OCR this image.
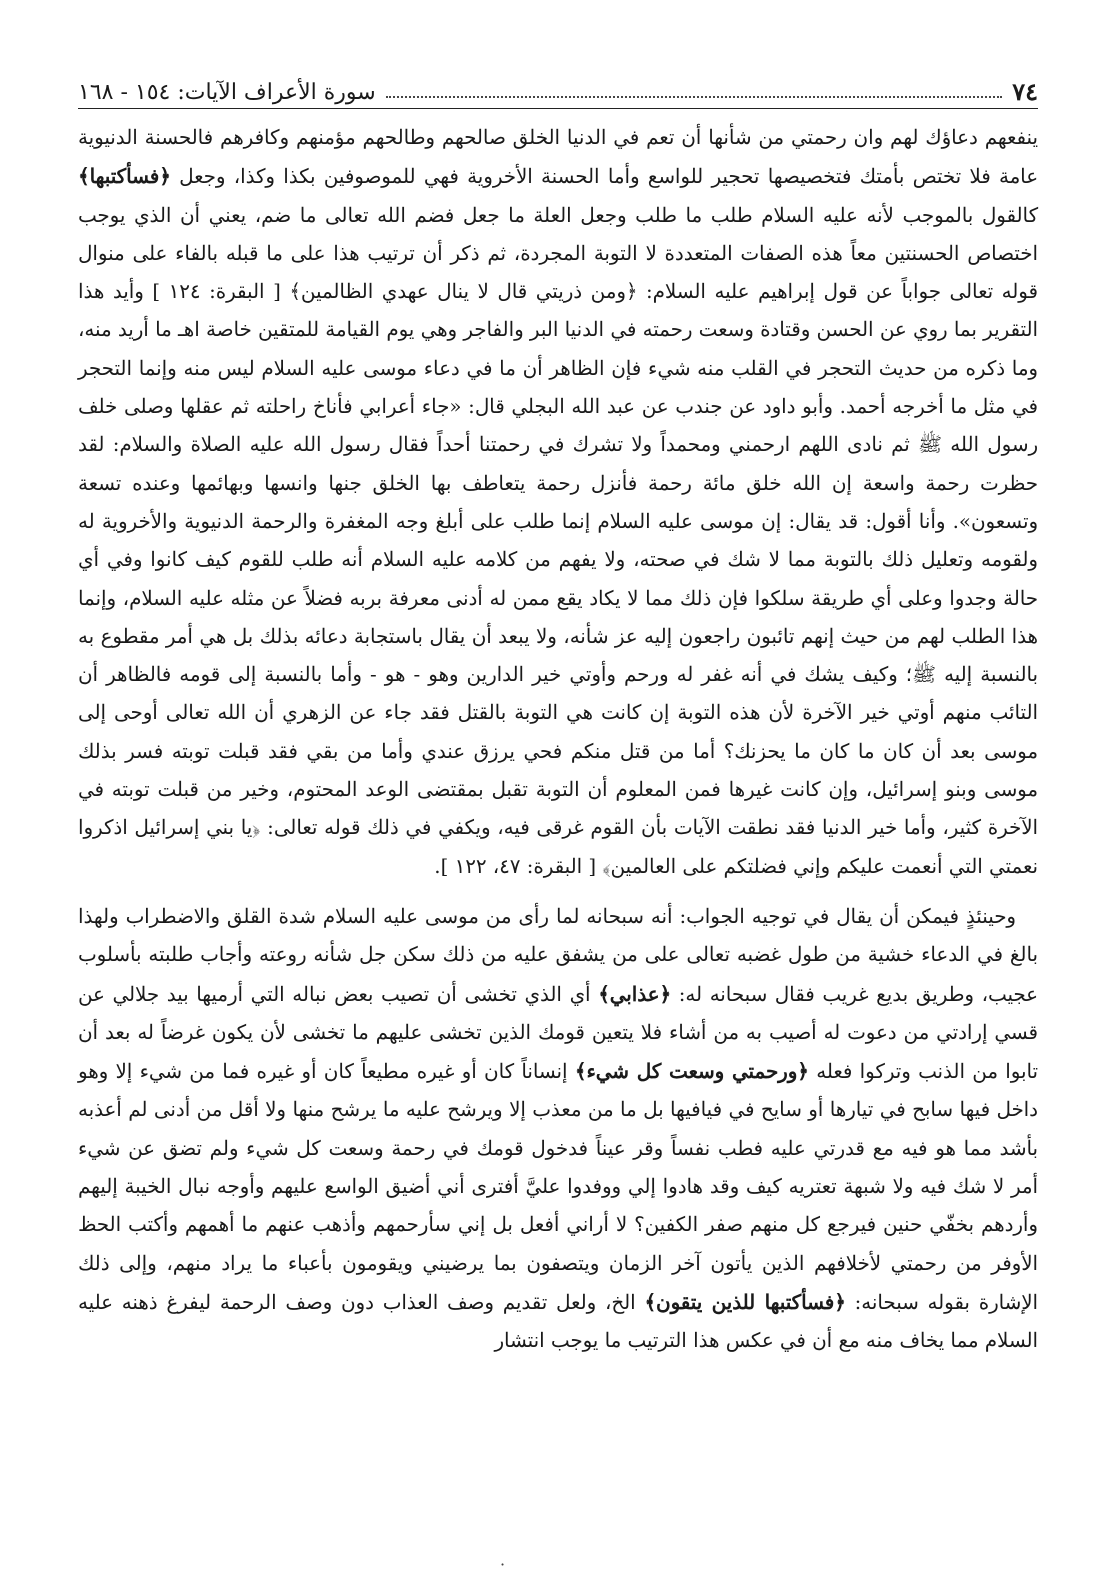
٧٤
سورة الأعراف الآيات: ١٥٤ - ١٦٨

ينفعهم دعاؤك لهم وان رحمتي من شأنها أن تعم في الدنيا الخلق صالحهم وطالحهم مؤمنهم وكافرهم فالحسنة الدنيوية عامة فلا تختص بأمتك فتخصيصها تحجير للواسع وأما الحسنة الأخروية فهي للموصوفين بكذا وكذا، وجعل ﴿فسأكتبها﴾ كالقول بالموجب لأنه عليه السلام طلب ما طلب وجعل العلة ما جعل فضم الله تعالى ما ضم، يعني أن الذي يوجب اختصاص الحسنتين معاً هذه الصفات المتعددة لا التوبة المجردة، ثم ذكر أن ترتيب هذا على ما قبله بالفاء على منوال قوله تعالى جواباً عن قول إبراهيم عليه السلام: ﴿ومن ذريتي قال لا ينال عهدي الظالمين﴾ [ البقرة: ١٢٤ ] وأيد هذا التقرير بما روي عن الحسن وقتادة وسعت رحمته في الدنيا البر والفاجر وهي يوم القيامة للمتقين خاصة اهـ ما أريد منه، وما ذكره من حديث التحجر في القلب منه شيء فإن الظاهر أن ما في دعاء موسى عليه السلام ليس منه وإنما التحجر في مثل ما أخرجه أحمد. وأبو داود عن جندب عن عبد الله البجلي قال: «جاء أعرابي فأناخ راحلته ثم عقلها وصلى خلف رسول الله ﷺ ثم نادى اللهم ارحمني ومحمداً ولا تشرك في رحمتنا أحداً فقال رسول الله عليه الصلاة والسلام: لقد حظرت رحمة واسعة إن الله خلق مائة رحمة فأنزل رحمة يتعاطف بها الخلق جنها وانسها وبهائمها وعنده تسعة وتسعون». وأنا أقول: قد يقال: إن موسى عليه السلام إنما طلب على أبلغ وجه المغفرة والرحمة الدنيوية والأخروية له ولقومه وتعليل ذلك بالتوبة مما لا شك في صحته، ولا يفهم من كلامه عليه السلام أنه طلب للقوم كيف كانوا وفي أي حالة وجدوا وعلى أي طريقة سلكوا فإن ذلك مما لا يكاد يقع ممن له أدنى معرفة بربه فضلاً عن مثله عليه السلام، وإنما هذا الطلب لهم من حيث إنهم تائبون راجعون إليه عز شأنه، ولا يبعد أن يقال باستجابة دعائه بذلك بل هي أمر مقطوع به بالنسبة إليه ﷺ؛ وكيف يشك في أنه غفر له ورحم وأوتي خير الدارين وهو - هو - وأما بالنسبة إلى قومه فالظاهر أن التائب منهم أوتي خير الآخرة لأن هذه التوبة إن كانت هي التوبة بالقتل فقد جاء عن الزهري أن الله تعالى أوحى إلى موسى بعد أن كان ما كان ما يحزنك؟ أما من قتل منكم فحي يرزق عندي وأما من بقي فقد قبلت توبته فسر بذلك موسى وبنو إسرائيل، وإن كانت غيرها فمن المعلوم أن التوبة تقبل بمقتضى الوعد المحتوم، وخير من قبلت توبته في الآخرة كثير، وأما خير الدنيا فقد نطقت الآيات بأن القوم غرقى فيه، ويكفي في ذلك قوله تعالى: ﴿يا بني إسرائيل اذكروا نعمتي التي أنعمت عليكم وإني فضلتكم على العالمين﴾ [ البقرة: ٤٧، ١٢٢ ].

وحينئذٍ فيمكن أن يقال في توجيه الجواب: أنه سبحانه لما رأى من موسى عليه السلام شدة القلق والاضطراب ولهذا بالغ في الدعاء خشية من طول غضبه تعالى على من يشفق عليه من ذلك سكن جل شأنه روعته وأجاب طلبته بأسلوب عجيب، وطريق بديع غريب فقال سبحانه له: ﴿عذابي﴾ أي الذي تخشى أن تصيب بعض نباله التي أرميها بيد جلالي عن قسي إرادتي من دعوت له أصيب به من أشاء فلا يتعين قومك الذين تخشى عليهم ما تخشى لأن يكون غرضاً له بعد أن تابوا من الذنب وتركوا فعله ﴿ورحمتي وسعت كل شيء﴾ إنساناً كان أو غيره مطيعاً كان أو غيره فما من شيء إلا وهو داخل فيها سابح في تيارها أو سايح في فيافيها بل ما من معذب إلا ويرشح عليه ما يرشح منها ولا أقل من أدنى لم أعذبه بأشد مما هو فيه مع قدرتي عليه فطب نفساً وقر عيناً فدخول قومك في رحمة وسعت كل شيء ولم تضق عن شيء أمر لا شك فيه ولا شبهة تعتريه كيف وقد هادوا إلي ووفدوا عليَّ أفترى أني أضيق الواسع عليهم وأوجه نبال الخيبة إليهم وأردهم بخفّي حنين فيرجع كل منهم صفر الكفين؟ لا أراني أفعل بل إني سأرحمهم وأذهب عنهم ما أهمهم وأكتب الحظ الأوفر من رحمتي لأخلافهم الذين يأتون آخر الزمان ويتصفون بما يرضيني ويقومون بأعباء ما يراد منهم، وإلى ذلك الإشارة بقوله سبحانه: ﴿فسأكتبها للذين يتقون﴾ الخ، ولعل تقديم وصف العذاب دون وصف الرحمة ليفرغ ذهنه عليه السلام مما يخاف منه مع أن في عكس هذا الترتيب ما يوجب انتشار

·
